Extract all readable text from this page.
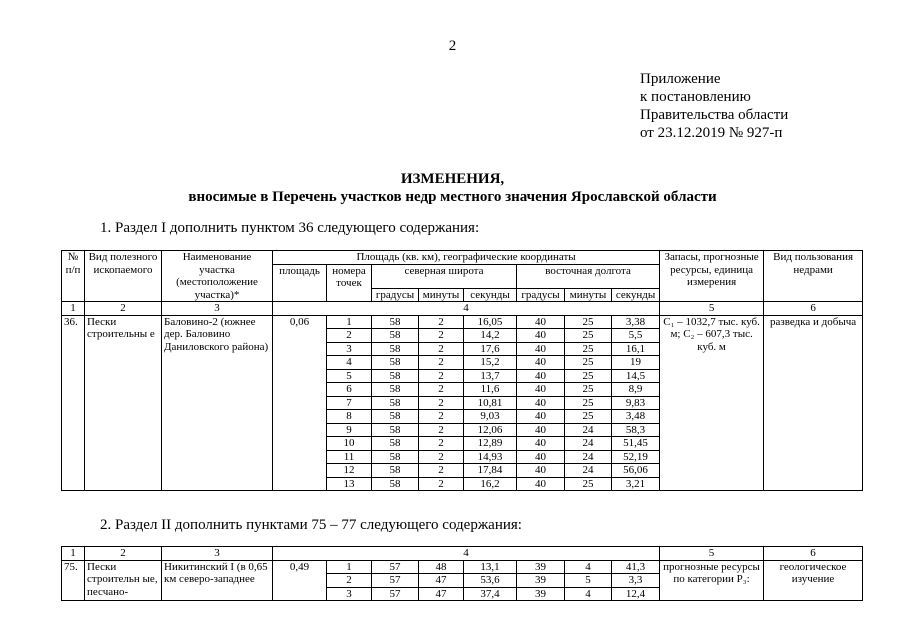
2
Приложение
к постановлению
Правительства области
от 23.12.2019 № 927-п
ИЗМЕНЕНИЯ,
вносимые в Перечень участков недр местного значения Ярославской области
1. Раздел I дополнить пунктом 36 следующего содержания:
№ п/п	Вид полезного ископаемого	Наименование участка (местоположение участка)*	Площадь (кв. км), географические координаты								Запасы, прогнозные ресурсы, единица измерения	Вид пользования недрами
			площадь	номера точек	северная широта			восточная долгота				
					градусы	минуты	секунды	градусы	минуты	секунды		
1	2	3	4								5	6
36.	Пески строительны е	Баловино-2 (южнее дер. Баловино Даниловского района)	0,06	1	58	2	16,05	40	25	3,38	C₁ – 1032,7 тыс. куб. м; C₂ – 607,3 тыс. куб. м	разведка и добыча
				2	58	2	14,2	40	25	5,5		
				3	58	2	17,6	40	25	16,1		
				4	58	2	15,2	40	25	19		
				5	58	2	13,7	40	25	14,5		
				6	58	2	11,6	40	25	8,9		
				7	58	2	10,81	40	25	9,83		
				8	58	2	9,03	40	25	3,48		
				9	58	2	12,06	40	24	58,3		
				10	58	2	12,89	40	24	51,45		
				11	58	2	14,93	40	24	52,19		
				12	58	2	17,84	40	24	56,06		
				13	58	2	16,2	40	25	3,21		
2. Раздел II дополнить пунктами 75 – 77 следующего содержания:
1	2	3	4								5	6
75.	Пески строительн ые, песчано-	Никитинский I (в 0,65 км северо-западнее	0,49	1	57	48	13,1	39	4	41,3	прогнозные ресурсы по категории P₃:	геологическое изучение
				2	57	47	53,6	39	5	3,3		
				3	57	47	37,4	39	4	12,4		
